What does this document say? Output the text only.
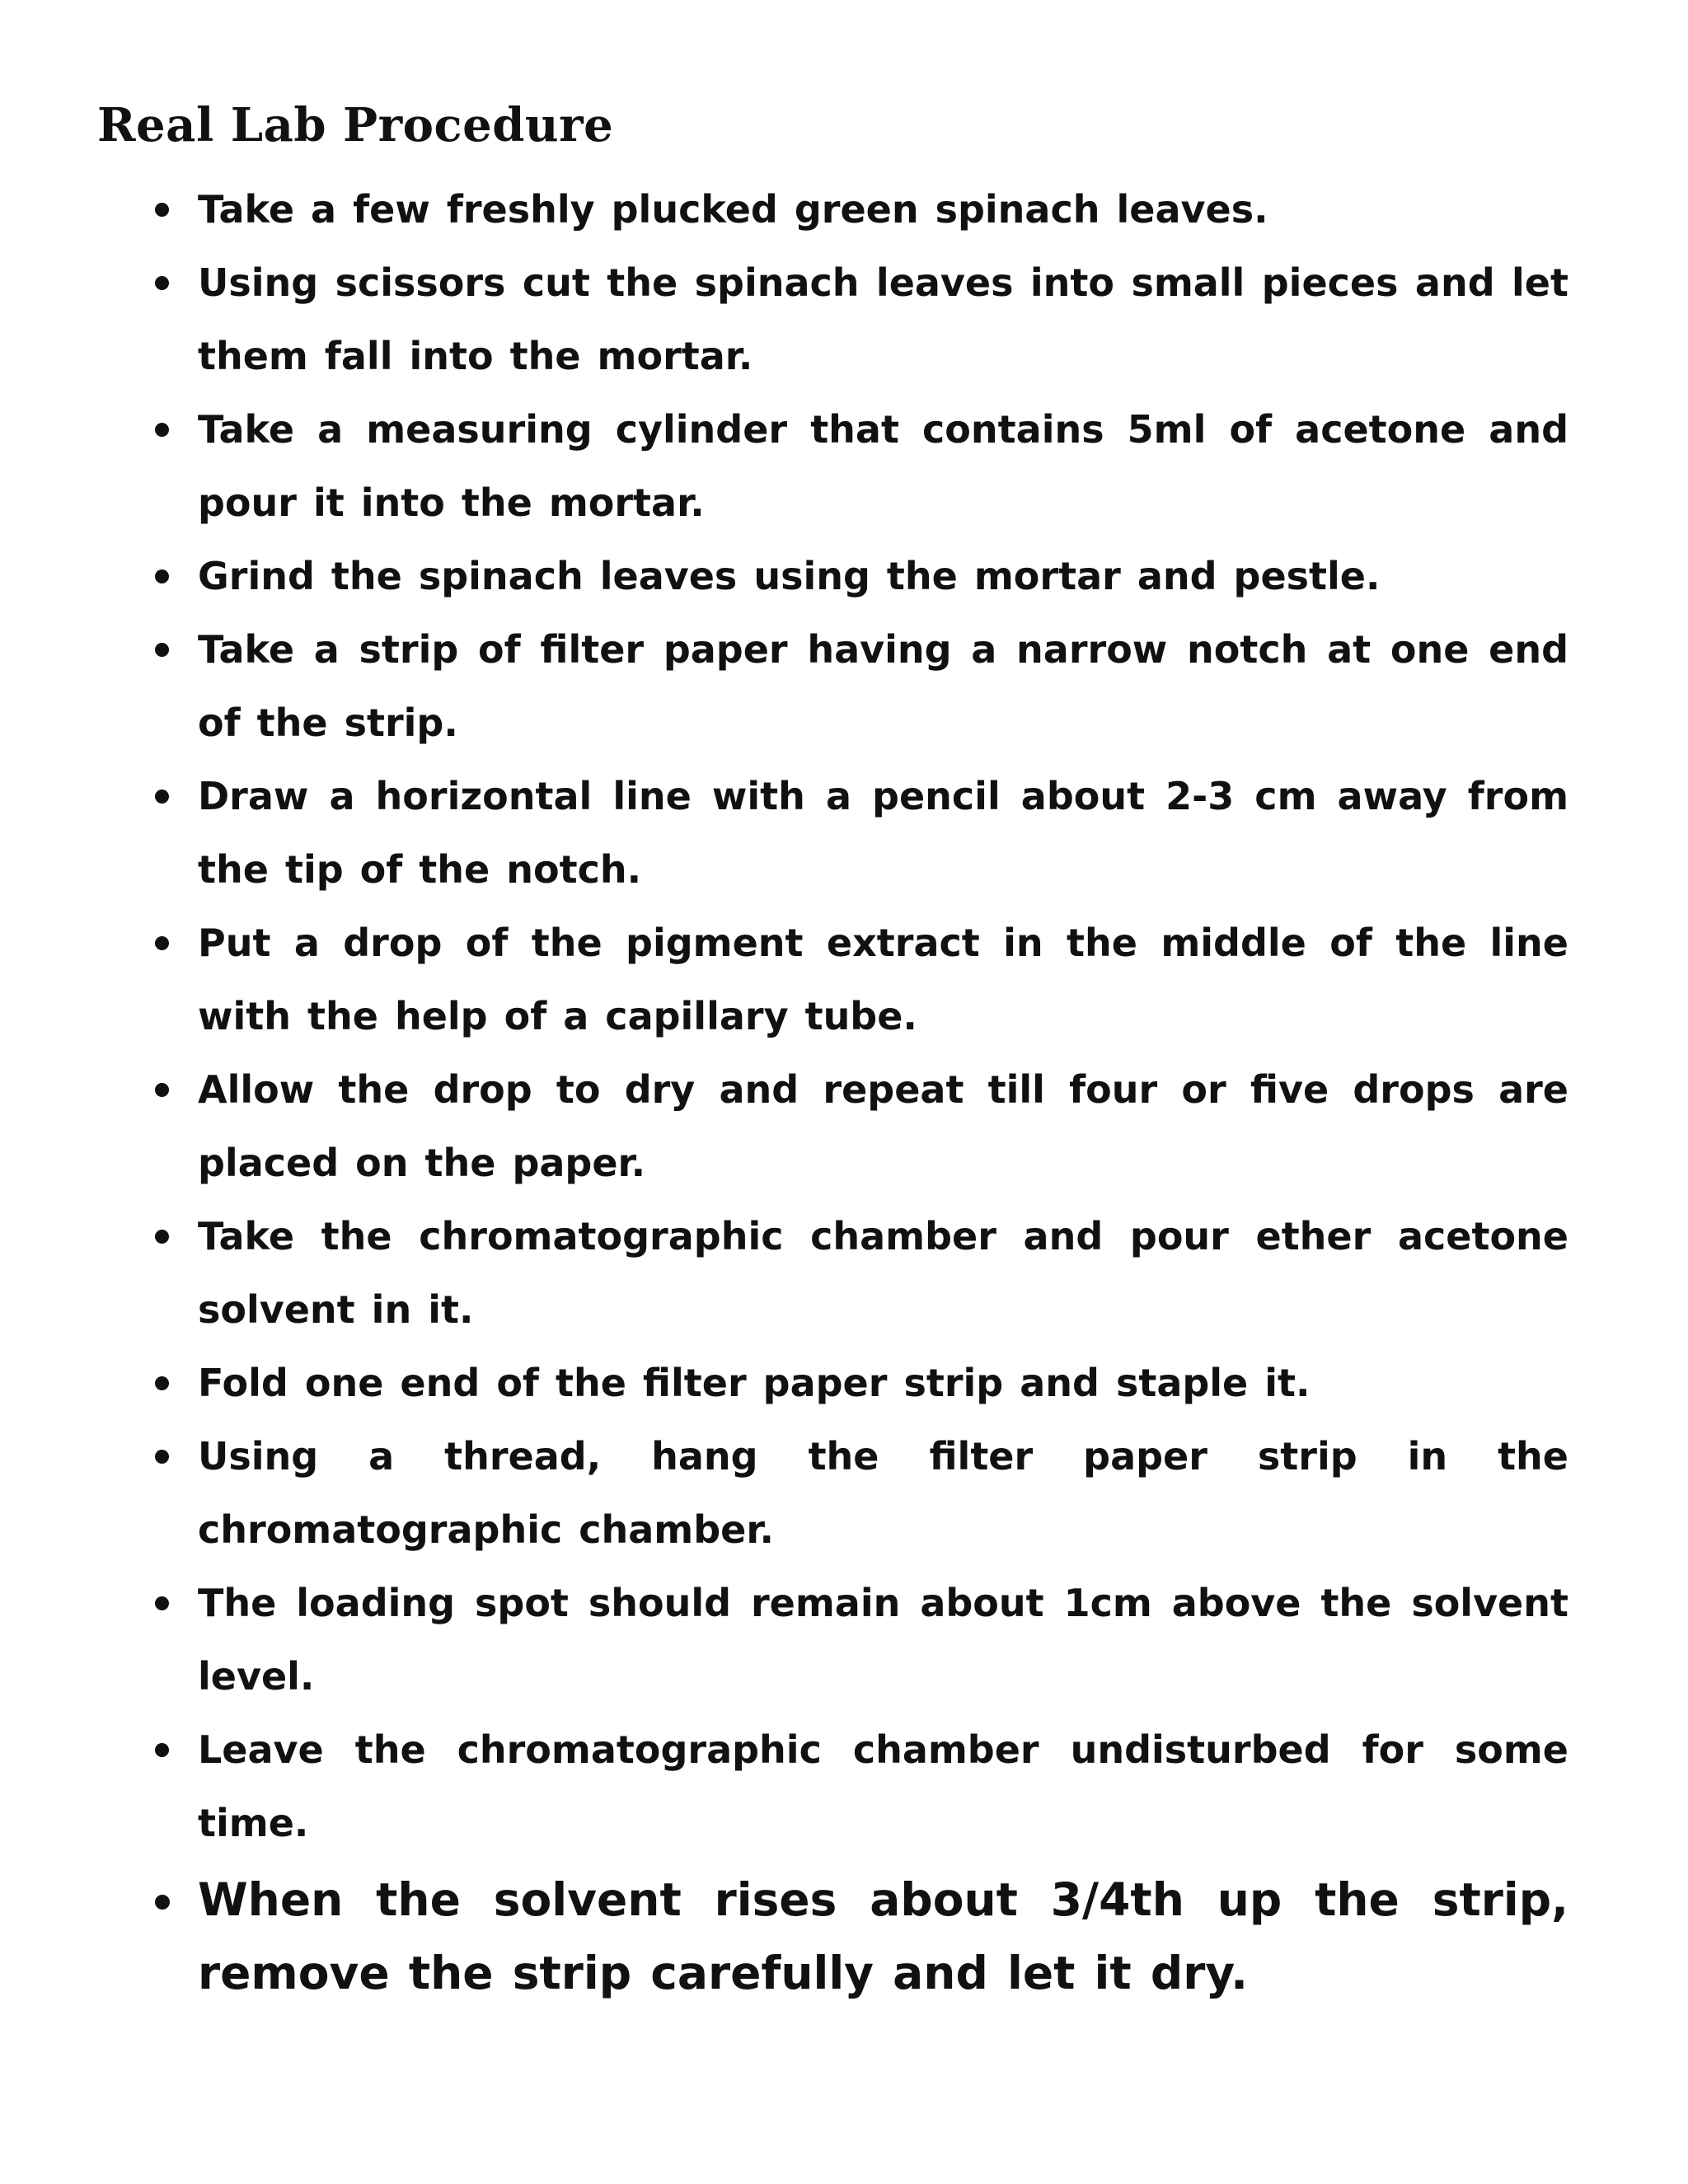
Real Lab Procedure
Take a few freshly plucked green spinach leaves.
Using scissors cut the spinach leaves into small pieces and let them fall into the mortar.
Take a measuring cylinder that contains 5ml of acetone and pour it into the mortar.
Grind the spinach leaves using the mortar and pestle.
Take a strip of filter paper having a narrow notch at one end of the strip.
Draw a horizontal line with a pencil about 2-3 cm away from the tip of the notch.
Put a drop of the pigment extract in the middle of the line with the help of a capillary tube.
Allow the drop to dry and repeat till four or five drops are placed on the paper.
Take the chromatographic chamber and pour ether acetone solvent in it.
Fold one end of the filter paper strip and staple it.
Using a thread, hang the filter paper strip in the chromatographic chamber.
The loading spot should remain about 1cm above the solvent level.
Leave the chromatographic chamber undisturbed for some time.
When the solvent rises about 3/4th up the strip, remove the strip carefully and let it dry.
